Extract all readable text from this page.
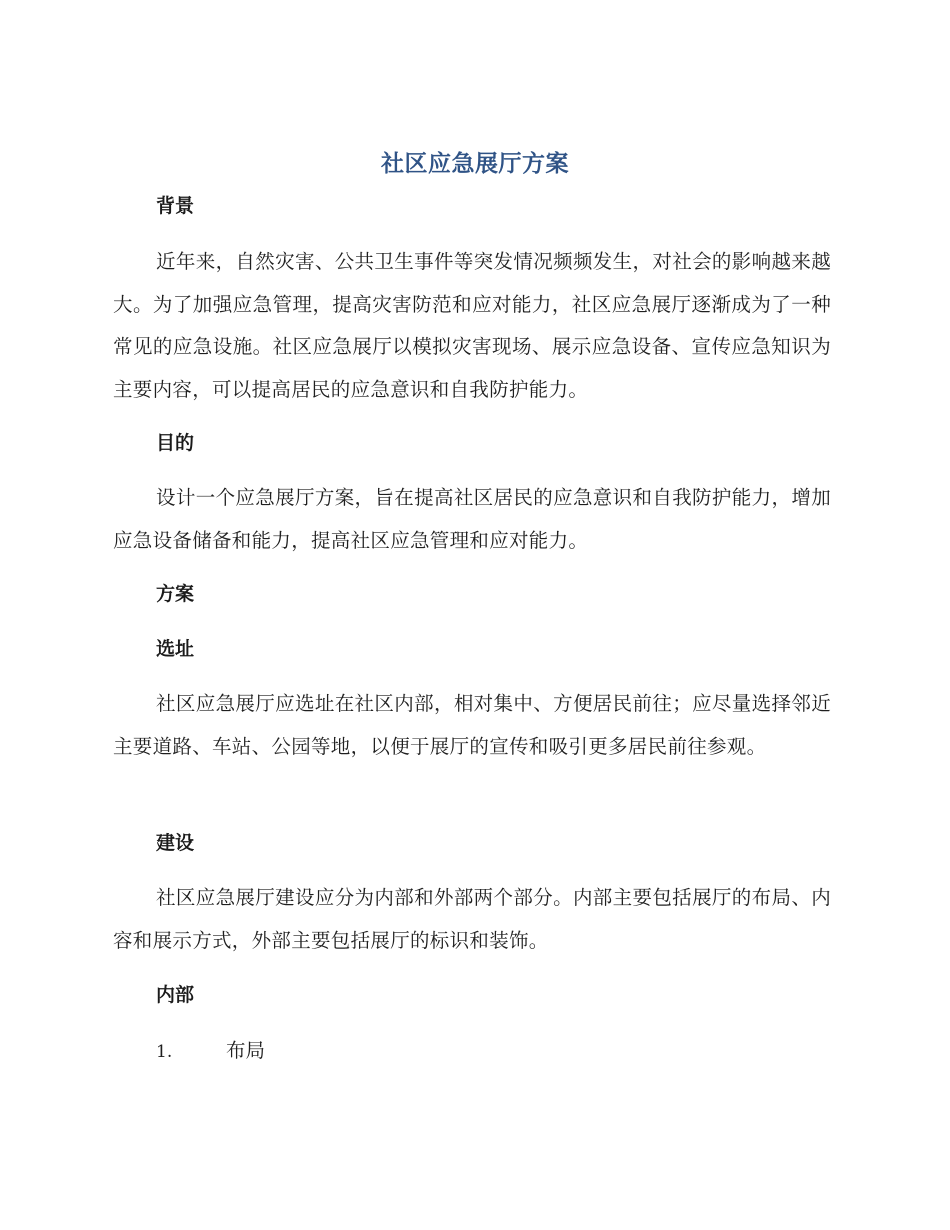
社区应急展厅方案
背景
近年来，自然灾害、公共卫生事件等突发情况频频发生，对社会的影响越来越大。为了加强应急管理，提高灾害防范和应对能力，社区应急展厅逐渐成为了一种常见的应急设施。社区应急展厅以模拟灾害现场、展示应急设备、宣传应急知识为主要内容，可以提高居民的应急意识和自我防护能力。
目的
设计一个应急展厅方案，旨在提高社区居民的应急意识和自我防护能力，增加应急设备储备和能力，提高社区应急管理和应对能力。
方案
选址
社区应急展厅应选址在社区内部，相对集中、方便居民前往；应尽量选择邻近主要道路、车站、公园等地，以便于展厅的宣传和吸引更多居民前往参观。
建设
社区应急展厅建设应分为内部和外部两个部分。内部主要包括展厅的布局、内容和展示方式，外部主要包括展厅的标识和装饰。
内部
1.	布局
